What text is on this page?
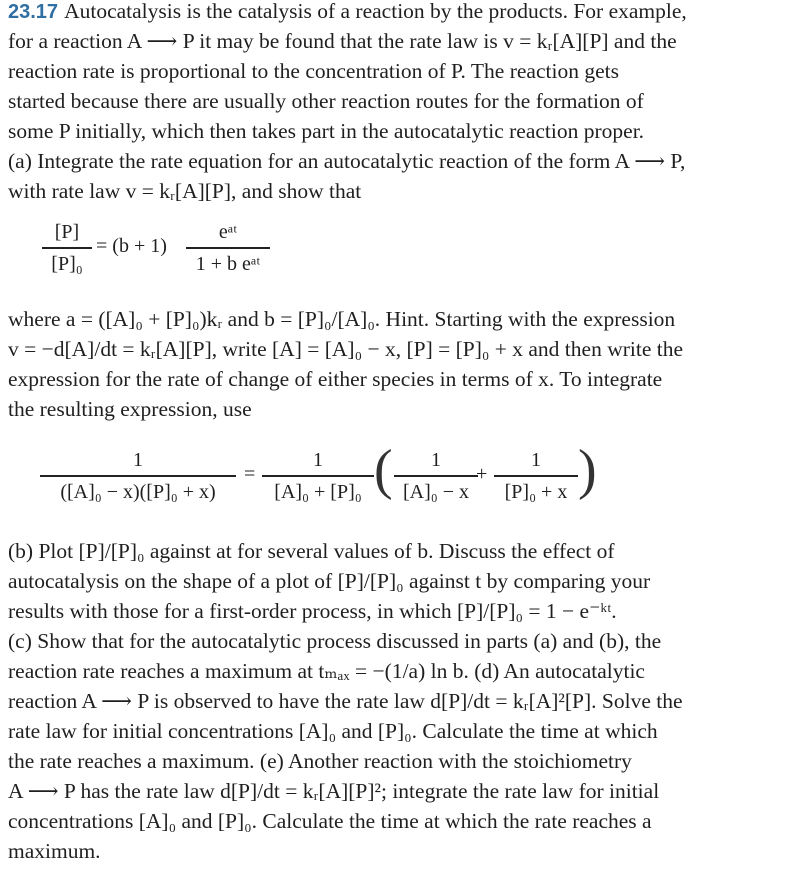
23.17 Autocatalysis is the catalysis of a reaction by the products. For example,
for a reaction A ⟶ P it may be found that the rate law is v = kᵣ[A][P] and the
reaction rate is proportional to the concentration of P. The reaction gets
started because there are usually other reaction routes for the formation of
some P initially, which then takes part in the autocatalytic reaction proper.
(a) Integrate the rate equation for an autocatalytic reaction of the form A ⟶ P,
with rate law v = kᵣ[A][P], and show that
[P]
[P]₀
= (b + 1)
eᵃᵗ
1 + b eᵃᵗ
where a = ([A]₀ + [P]₀)kᵣ and b = [P]₀/[A]₀. Hint. Starting with the expression
v = −d[A]/dt = kᵣ[A][P], write [A] = [A]₀ − x, [P] = [P]₀ + x and then write the
expression for the rate of change of either species in terms of x. To integrate
the resulting expression, use
1
([A]₀ − x)([P]₀ + x)
=
1
[A]₀ + [P]₀ (	1
[A]₀ − x
+
1
[P]₀ + x )
(b) Plot [P]/[P]₀ against at for several values of b. Discuss the effect of
autocatalysis on the shape of a plot of [P]/[P]₀ against t by comparing your
results with those for a first-order process, in which [P]/[P]₀ = 1 − e⁻ᵏᵗ.
(c) Show that for the autocatalytic process discussed in parts (a) and (b), the
reaction rate reaches a maximum at tₘₐₓ = −(1/a) ln b. (d) An autocatalytic
reaction A ⟶ P is observed to have the rate law d[P]/dt = kᵣ[A]²[P]. Solve the
rate law for initial concentrations [A]₀ and [P]₀. Calculate the time at which
the rate reaches a maximum. (e) Another reaction with the stoichiometry
A ⟶ P has the rate law d[P]/dt = kᵣ[A][P]²; integrate the rate law for initial
concentrations [A]₀ and [P]₀. Calculate the time at which the rate reaches a
maximum.
